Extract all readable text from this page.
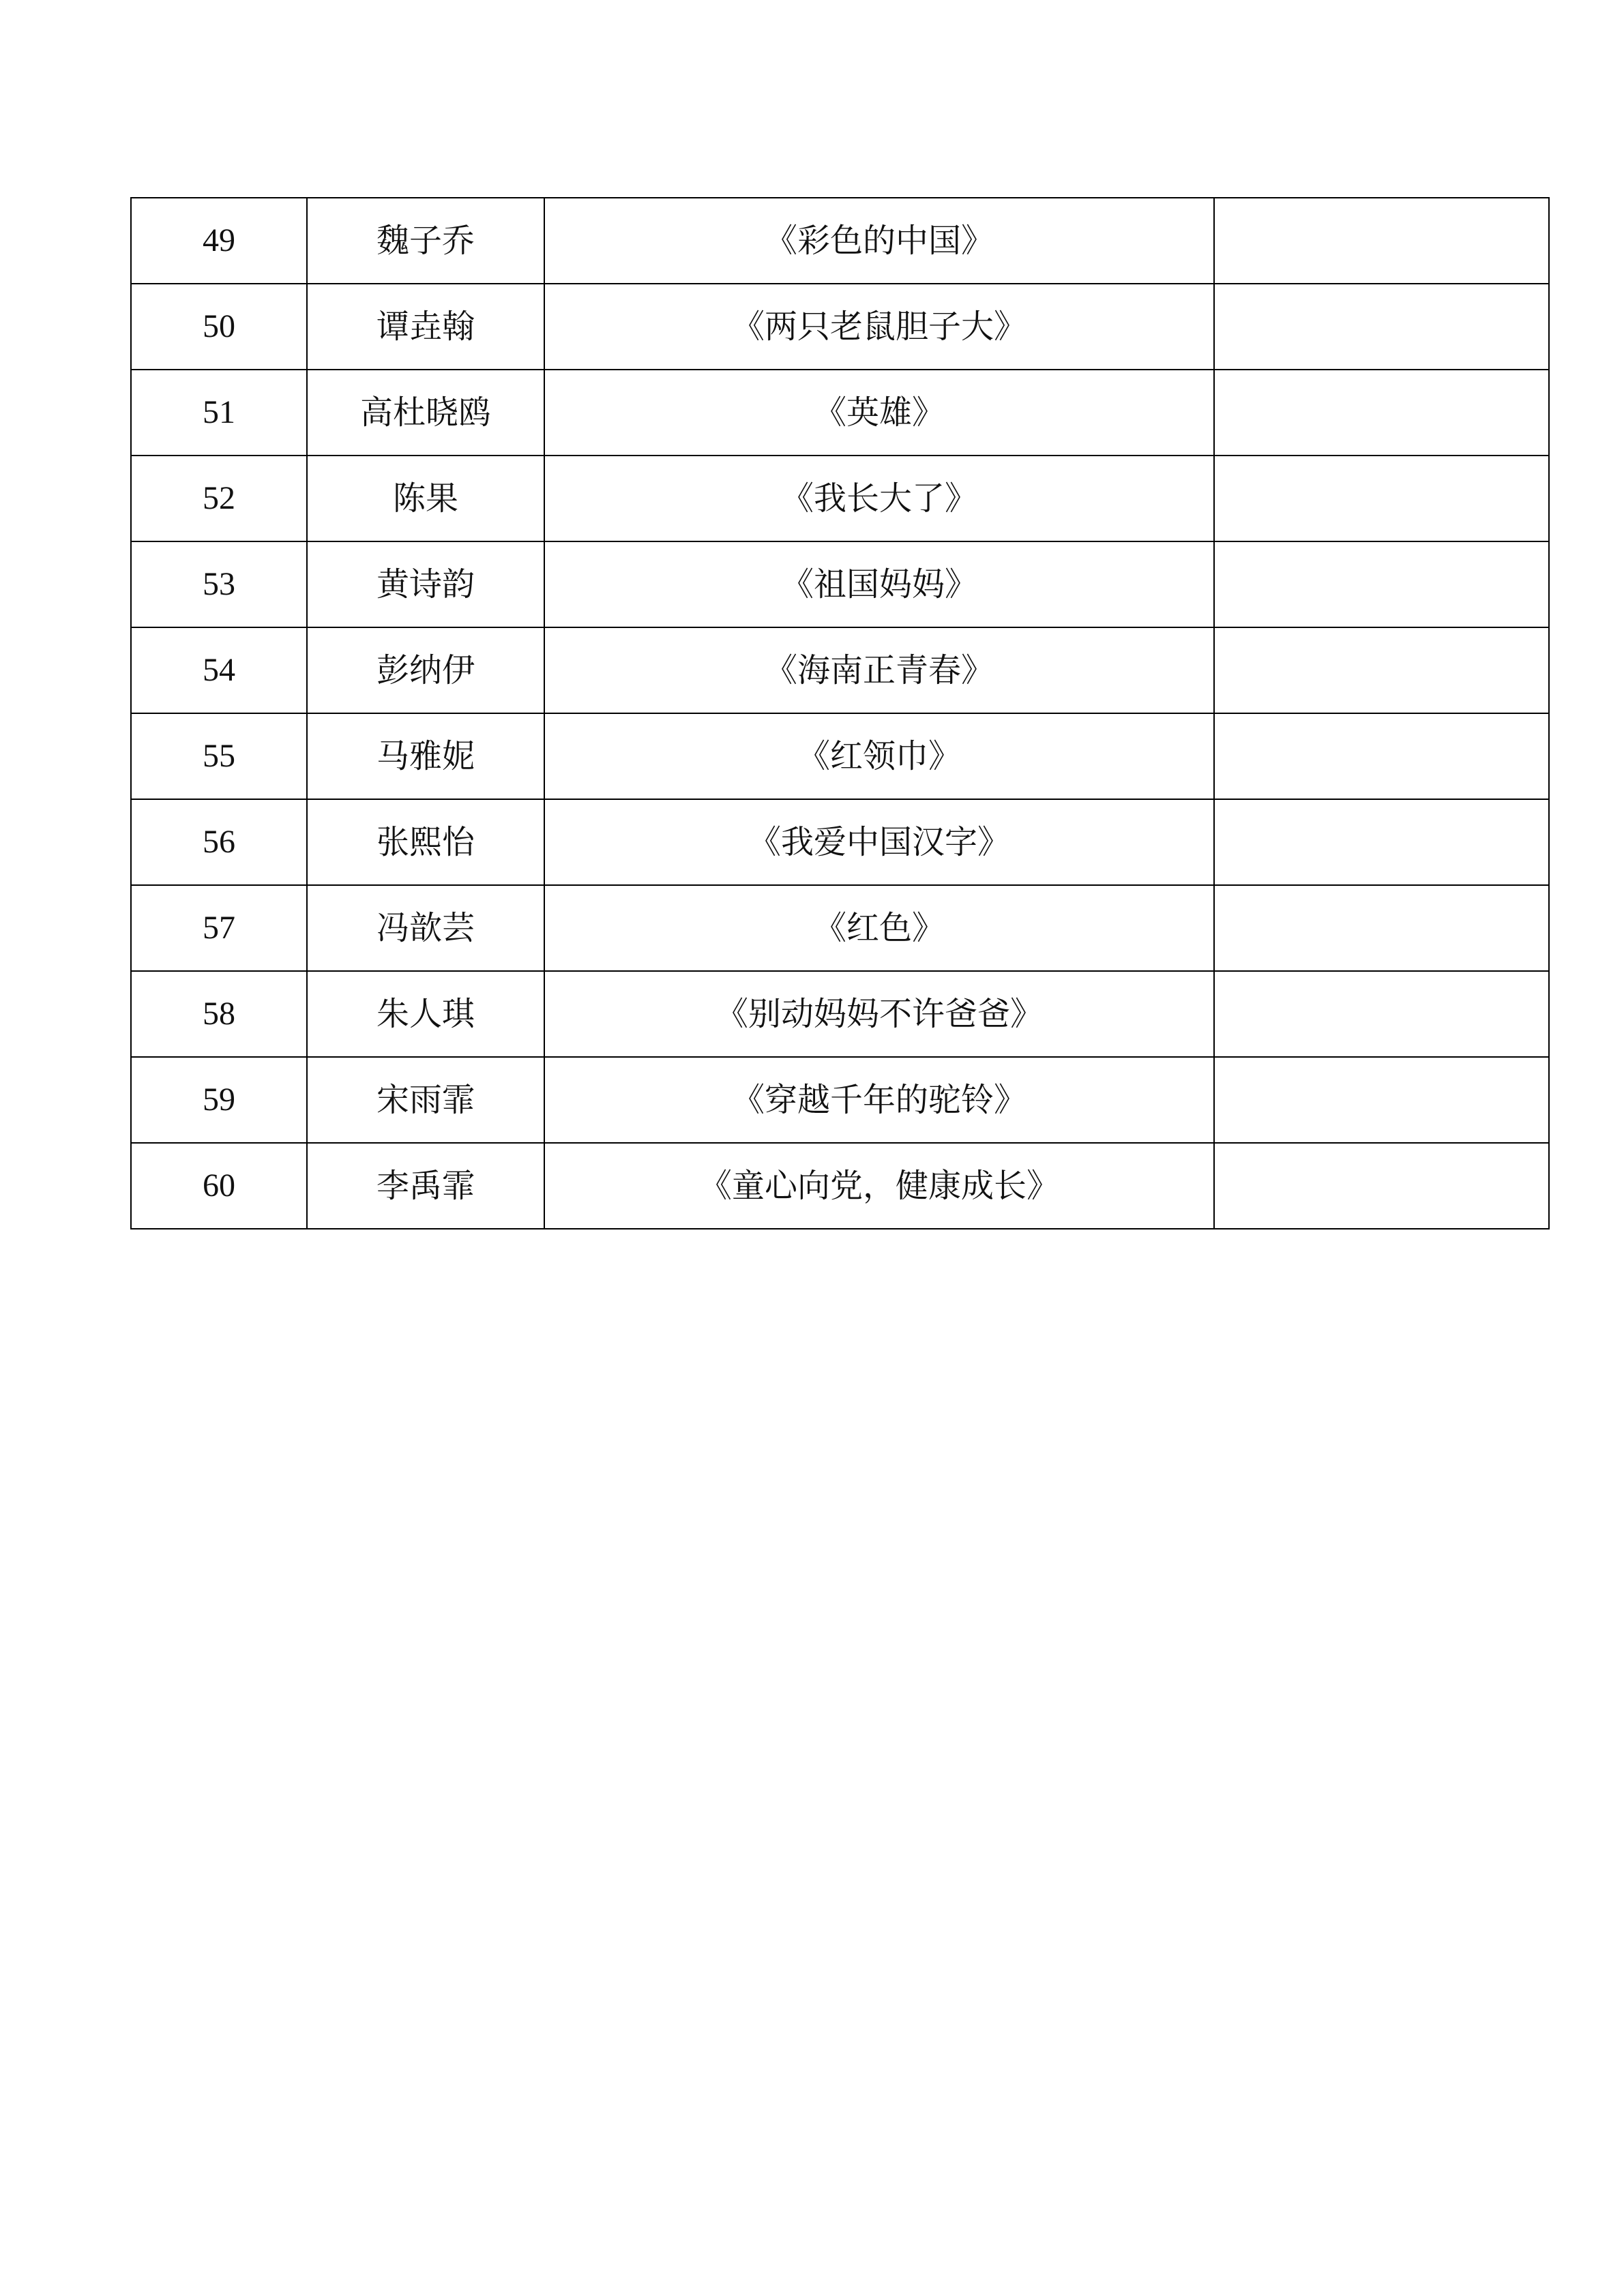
49	魏子乔	《彩色的中国》	
50	谭垚翰	《两只老鼠胆子大》	
51	高杜晓鸥	《英雄》	
52	陈果	《我长大了》	
53	黄诗韵	《祖国妈妈》	
54	彭纳伊	《海南正青春》	
55	马雅妮	《红领巾》	
56	张熙怡	《我爱中国汉字》	
57	冯歆芸	《红色》	
58	朱人琪	《别动妈妈不许爸爸》	
59	宋雨霏	《穿越千年的驼铃》	
60	李禹霏	《童心向党，健康成长》	
